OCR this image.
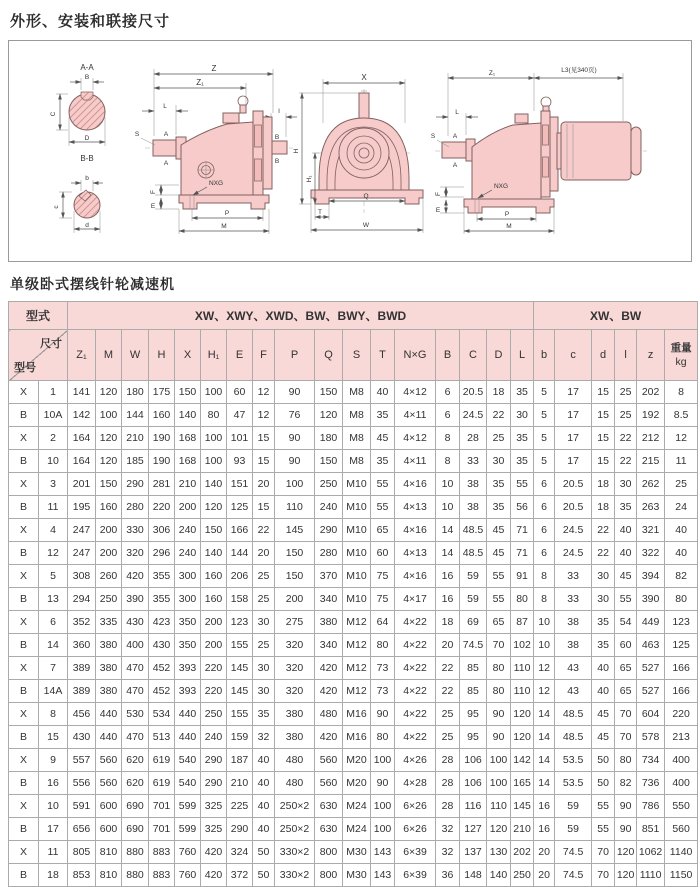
外形、安装和联接尺寸
A-A
B
C
D
B-B
b
c
d
Z
Z₁
L
I
S	A
A
B
B
NXG
F
E
P
M
X
H
H₁
Q
T
W
Z₁	L3(见340页)
L
S	A
A
NXG
F
E
P
M
单级卧式摆线针轮减速机
型式		XW、XWY、XWD、BW、BWY、BWD																	XW、BW					

尺寸
型号
	Z₁	M	W	H	X	H₁	E	F	P	Q	S	T	N×G	B	C	D	L	b	c	d	l	z	
重量
kg

X	1	141	120	180	175	150	100	60	12	90	150	M8	40	4×12	6	20.5	18	35	5	17	15	25	202	8
B	10A	142	100	144	160	140	80	47	12	76	120	M8	35	4×11	6	24.5	22	30	5	17	15	25	192	8.5
X	2	164	120	210	190	168	100	101	15	90	180	M8	45	4×12	8	28	25	35	5	17	15	22	212	12
B	10	164	120	185	190	168	100	93	15	90	150	M8	35	4×11	8	33	30	35	5	17	15	22	215	11
X	3	201	150	290	281	210	140	151	20	100	250	M10	55	4×16	10	38	35	55	6	20.5	18	30	262	25
B	11	195	160	280	220	200	120	125	15	110	240	M10	55	4×13	10	38	35	56	6	20.5	18	35	263	24
X	4	247	200	330	306	240	150	166	22	145	290	M10	65	4×16	14	48.5	45	71	6	24.5	22	40	321	40
B	12	247	200	320	296	240	140	144	20	150	280	M10	60	4×13	14	48.5	45	71	6	24.5	22	40	322	40
X	5	308	260	420	355	300	160	206	25	150	370	M10	75	4×16	16	59	55	91	8	33	30	45	394	82
B	13	294	250	390	355	300	160	158	25	200	340	M10	75	4×17	16	59	55	80	8	33	30	55	390	80
X	6	352	335	430	423	350	200	123	30	275	380	M12	64	4×22	18	69	65	87	10	38	35	54	449	123
B	14	360	380	400	430	350	200	155	25	320	340	M12	80	4×22	20	74.5	70	102	10	38	35	60	463	125
X	7	389	380	470	452	393	220	145	30	320	420	M12	73	4×22	22	85	80	110	12	43	40	65	527	166
B	14A	389	380	470	452	393	220	145	30	320	420	M12	73	4×22	22	85	80	110	12	43	40	65	527	166
X	8	456	440	530	534	440	250	155	35	380	480	M16	90	4×22	25	95	90	120	14	48.5	45	70	604	220
B	15	430	440	470	513	440	240	159	32	380	420	M16	80	4×22	25	95	90	120	14	48.5	45	70	578	213
X	9	557	560	620	619	540	290	187	40	480	560	M20	100	4×26	28	106	100	142	14	53.5	50	80	734	400
B	16	556	560	620	619	540	290	210	40	480	560	M20	90	4×28	28	106	100	165	14	53.5	50	82	736	400
X	10	591	600	690	701	599	325	225	40	250×2	630	M24	100	6×26	28	116	110	145	16	59	55	90	786	550
B	17	656	600	690	701	599	325	290	40	250×2	630	M24	100	6×26	32	127	120	210	16	59	55	90	851	560
X	11	805	810	880	883	760	420	324	50	330×2	800	M30	143	6×39	32	137	130	202	20	74.5	70	120	1062	1140
B	18	853	810	880	883	760	420	372	50	330×2	800	M30	143	6×39	36	148	140	250	20	74.5	70	120	1110	1150
